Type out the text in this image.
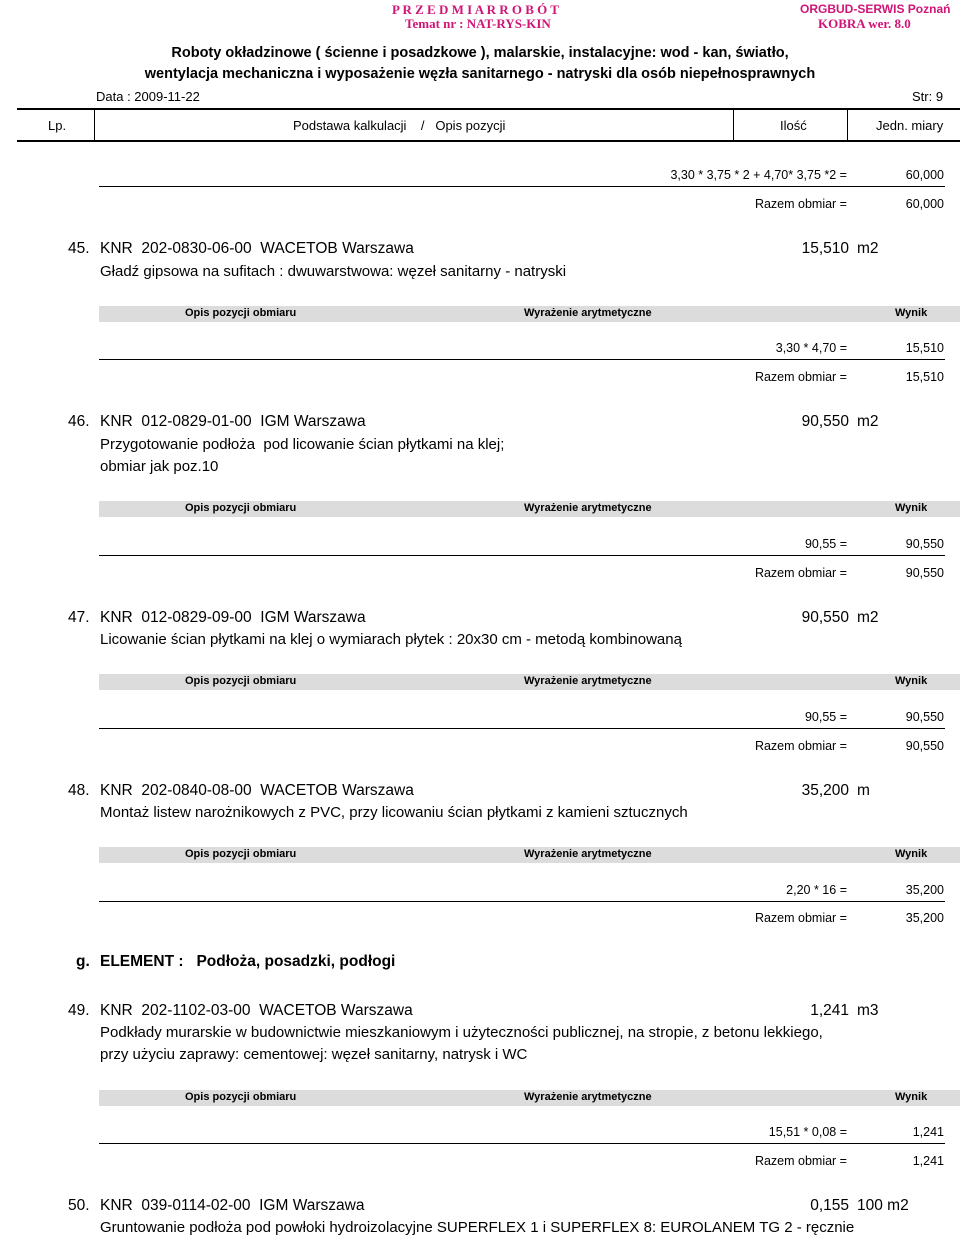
P R Z E D M I A R R O B Ó T
Temat nr : NAT-RYS-KIN
ORGBUD-SERWIS Poznań
KOBRA wer. 8.0
Roboty okładzinowe ( ścienne i posadzkowe ), malarskie, instalacyjne: wod - kan, światło,
wentylacja mechaniczna i wyposażenie węzła sanitarnego - natryski dla osób niepełnosprawnych
Data : 2009-11-22	Str: 9
Lp.	Podstawa kalkulacji    /   Opis pozycji	Ilość	Jedn. miary
3,30 * 3,75 * 2 + 4,70* 3,75 *2 =	60,000
Razem obmiar =	60,000
45. KNR  202-0830-06-00  WACETOB Warszawa	15,510 m2
Gładź gipsowa na sufitach : dwuwarstwowa: węzeł sanitarny - natryski
Opis pozycji obmiaru	Wyrażenie arytmetyczne	Wynik
3,30 * 4,70 =	15,510
Razem obmiar =	15,510
46. KNR  012-0829-01-00  IGM Warszawa	90,550 m2
Przygotowanie podłoża  pod licowanie ścian płytkami na klej;
obmiar jak poz.10
Opis pozycji obmiaru	Wyrażenie arytmetyczne	Wynik
90,55 =	90,550
Razem obmiar =	90,550
47. KNR  012-0829-09-00  IGM Warszawa	90,550 m2
Licowanie ścian płytkami na klej o wymiarach płytek : 20x30 cm - metodą kombinowaną
Opis pozycji obmiaru	Wyrażenie arytmetyczne	Wynik
90,55 =	90,550
Razem obmiar =	90,550
48. KNR  202-0840-08-00  WACETOB Warszawa	35,200 m
Montaż listew narożnikowych z PVC, przy licowaniu ścian płytkami z kamieni sztucznych
Opis pozycji obmiaru	Wyrażenie arytmetyczne	Wynik
2,20 * 16 =	35,200
Razem obmiar =	35,200
g. ELEMENT :   Podłoża, posadzki, podłogi
49. KNR  202-1102-03-00  WACETOB Warszawa	1,241 m3
Podkłady murarskie w budownictwie mieszkaniowym i użyteczności publicznej, na stropie, z betonu lekkiego,
przy użyciu zaprawy: cementowej: węzeł sanitarny, natrysk i WC
Opis pozycji obmiaru	Wyrażenie arytmetyczne	Wynik
15,51 * 0,08 =	1,241
Razem obmiar =	1,241
50. KNR  039-0114-02-00  IGM Warszawa	0,155 100 m2
Gruntowanie podłoża pod powłoki hydroizolacyjne SUPERFLEX 1 i SUPERFLEX 8: EUROLANEM TG 2 - ręcznie
